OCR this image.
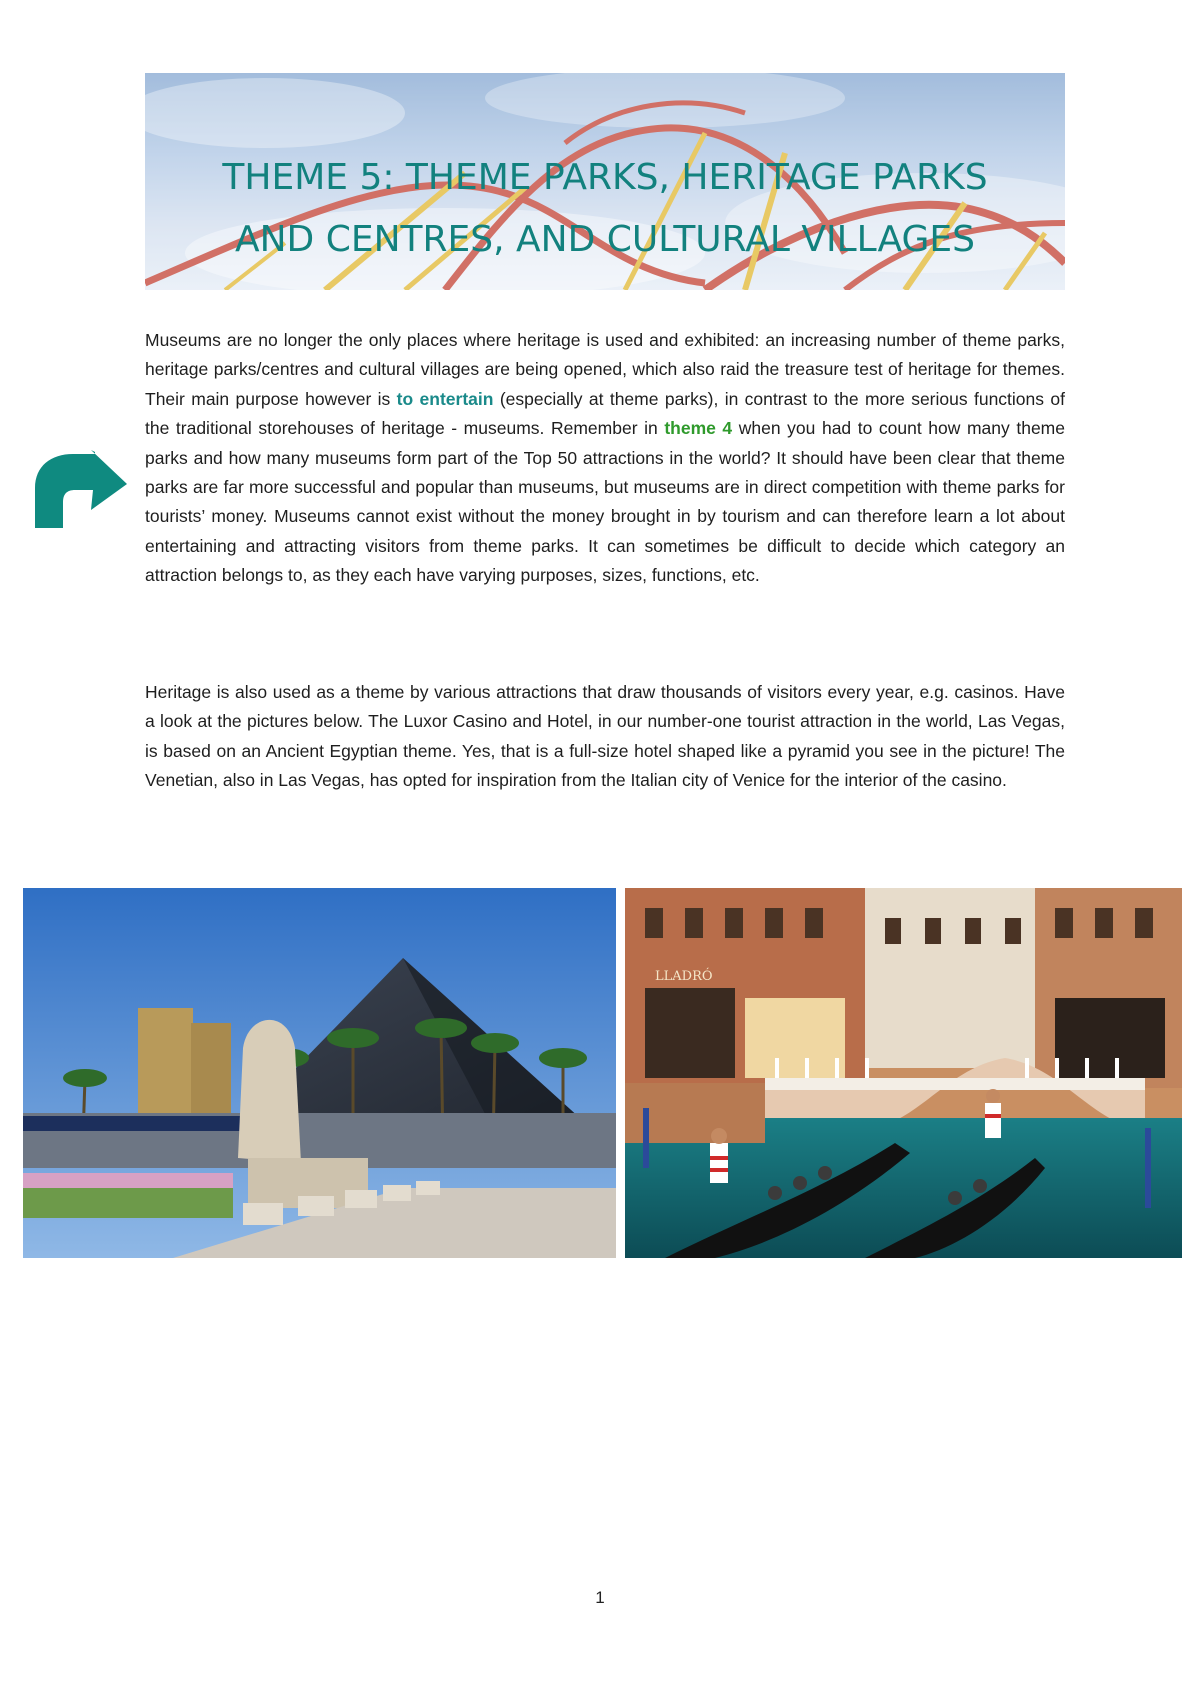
THEME 5: THEME PARKS, HERITAGE PARKS
AND CENTRES, AND CULTURAL VILLAGES
Museums are no longer the only places where heritage is used and exhibited: an increasing number of theme parks, heritage parks/centres and cultural villages are being opened, which also raid the treasure test of heritage for themes. Their main purpose however is to entertain (especially at theme parks), in contrast to the more serious functions of the traditional storehouses of heritage - museums. Remember in theme 4 when you had to count how many theme parks and how many museums form part of the Top 50 attractions in the world? It should have been clear that theme parks are far more successful and popular than museums, but museums are in direct competition with theme parks for tourists’ money. Museums cannot exist without the money brought in by tourism and can therefore learn a lot about entertaining and attracting visitors from theme parks. It can sometimes be difficult to decide which category an attraction belongs to, as they each have varying purposes, sizes, functions, etc.
Heritage is also used as a theme by various attractions that draw thousands of visitors every year, e.g. casinos. Have a look at the pictures below. The Luxor Casino and Hotel, in our number-one tourist attraction in the world, Las Vegas, is based on an Ancient Egyptian theme. Yes, that is a full-size hotel shaped like a pyramid you see in the picture! The Venetian, also in Las Vegas, has opted for inspiration from the Italian city of Venice for the interior of the casino.
LLADRÓ
1
